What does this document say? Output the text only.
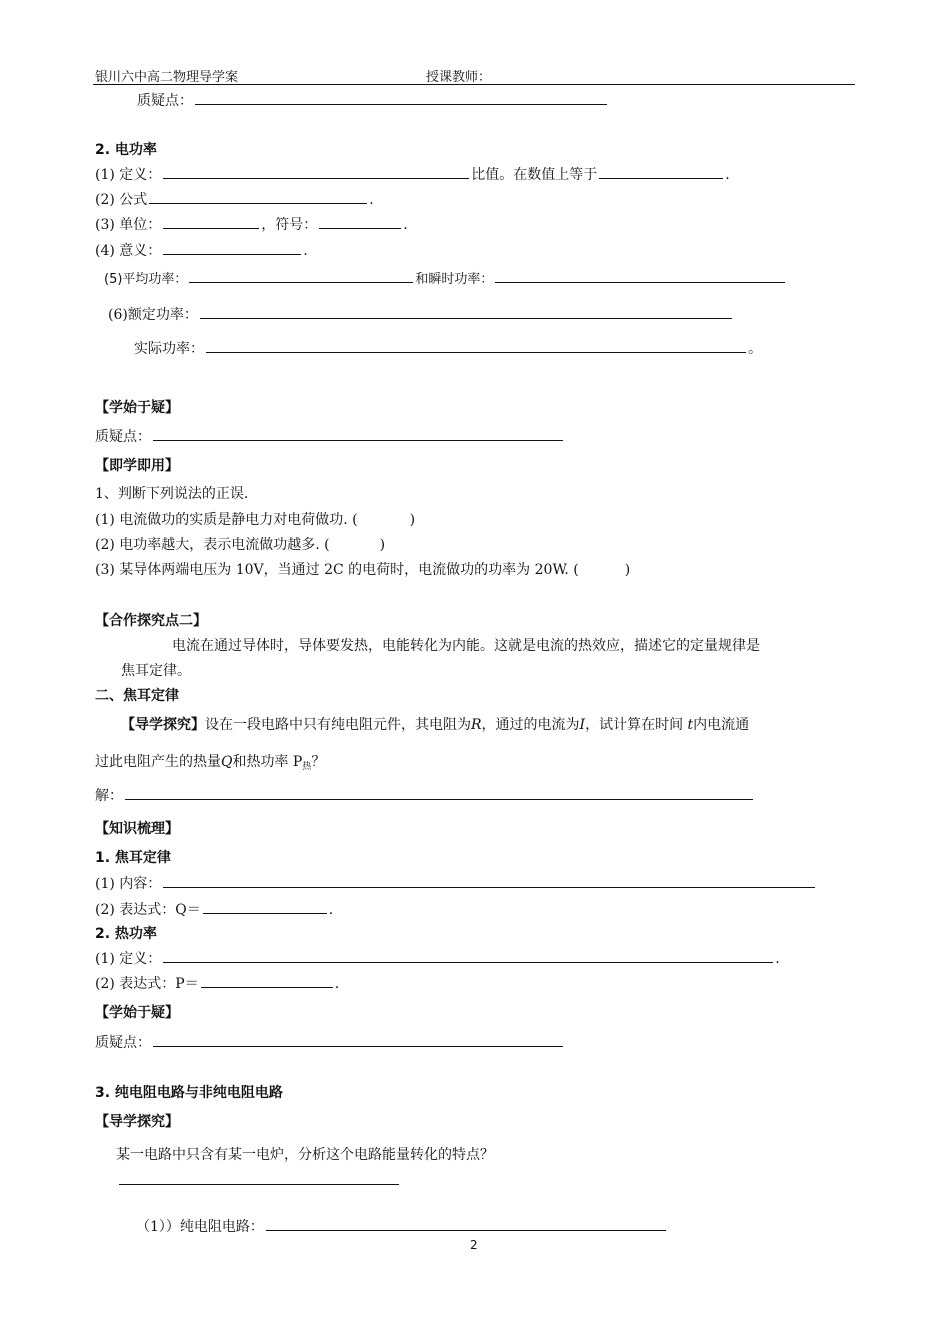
银川六中高二物理导学案	授课教师：
质疑点：
2. 电功率
(1) 定义：	比值。在数值上等于	.
(2) 公式	.
(3) 单位：	，符号：	.
(4) 意义：	.
(5)平均功率：	和瞬时功率：
(6)额定功率：
实际功率：	。
【学始于疑】
质疑点：
【即学即用】
1、判断下列说法的正误.
(1) 电流做功的实质是静电力对电荷做功. (	)
(2) 电功率越大，表示电流做功越多. (	)
(3) 某导体两端电压为 10V，当通过 2C 的电荷时，电流做功的功率为 20W. (	)
【合作探究点二】
电流在通过导体时，导体要发热，电能转化为内能。这就是电流的热效应，描述它的定量规律是
焦耳定律。
二、焦耳定律
【导学探究】设在一段电路中只有纯电阻元件，其电阻为R，通过的电流为I，试计算在时间 t内电流通
过此电阻产生的热量Q和热功率 $P_热$？
解：
【知识梳理】
1. 焦耳定律
(1) 内容：
(2) 表达式：Q＝	.
2. 热功率
(1) 定义：	.
(2) 表达式：P＝	.
【学始于疑】
质疑点：
3. 纯电阻电路与非纯电阻电路
【导学探究】
某一电路中只含有某一电炉，分析这个电路能量转化的特点？
（1））纯电阻电路：
2
